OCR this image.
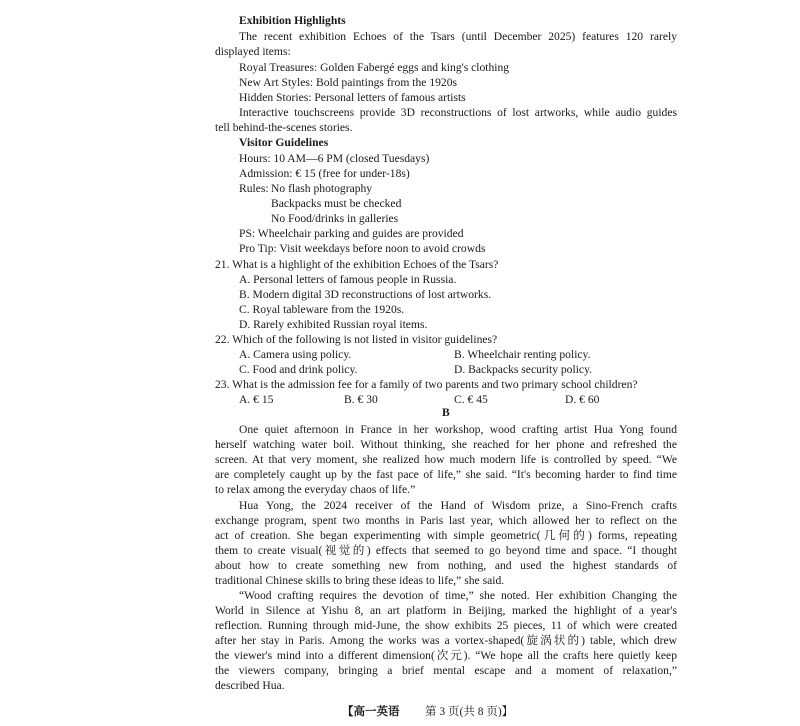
Exhibition Highlights
The recent exhibition Echoes of the Tsars (until December 2025) features 120 rarely
displayed items:
Royal Treasures: Golden Fabergé eggs and king's clothing
New Art Styles: Bold paintings from the 1920s
Hidden Stories: Personal letters of famous artists
Interactive touchscreens provide 3D reconstructions of lost artworks, while audio guides
tell behind-the-scenes stories.
Visitor Guidelines
Hours: 10 AM—6 PM (closed Tuesdays)
Admission: € 15 (free for under-18s)
Rules: No flash photography
Backpacks must be checked
No Food/drinks in galleries
PS: Wheelchair parking and guides are provided
Pro Tip: Visit weekdays before noon to avoid crowds
21. What is a highlight of the exhibition Echoes of the Tsars?
A. Personal letters of famous people in Russia.
B. Modern digital 3D reconstructions of lost artworks.
C. Royal tableware from the 1920s.
D. Rarely exhibited Russian royal items.
22. Which of the following is not listed in visitor guidelines?
A. Camera using policy.	B. Wheelchair renting policy.
C. Food and drink policy.	D. Backpacks security policy.
23. What is the admission fee for a family of two parents and two primary school children?
A. € 15	B. € 30	C. € 45	D. € 60
B
One quiet afternoon in France in her workshop, wood crafting artist Hua Yong found
herself watching water boil. Without thinking, she reached for her phone and refreshed the
screen. At that very moment, she realized how much modern life is controlled by speed. “We
are completely caught up by the fast pace of life,” she said. “It's becoming harder to find time
to relax among the everyday chaos of life.”
Hua Yong, the 2024 receiver of the Hand of Wisdom prize, a Sino-French crafts
exchange program, spent two months in Paris last year, which allowed her to reflect on the
act of creation. She began experimenting with simple geometric(几何的) forms, repeating
them to create visual(视觉的) effects that seemed to go beyond time and space. “I thought
about how to create something new from nothing, and used the highest standards of
traditional Chinese skills to bring these ideas to life,” she said.
“Wood crafting requires the devotion of time,” she noted. Her exhibition Changing the
World in Silence at Yishu 8, an art platform in Beijing, marked the highlight of a year's
reflection. Running through mid-June, the show exhibits 25 pieces, 11 of which were created
after her stay in Paris. Among the works was a vortex-shaped(旋涡状的) table, which drew
the viewer's mind into a different dimension(次元). “We hope all the crafts here quietly keep
the viewers company, bringing a brief mental escape and a moment of relaxation,”
described Hua.
【高一英语 第 3 页(共 8 页)】
